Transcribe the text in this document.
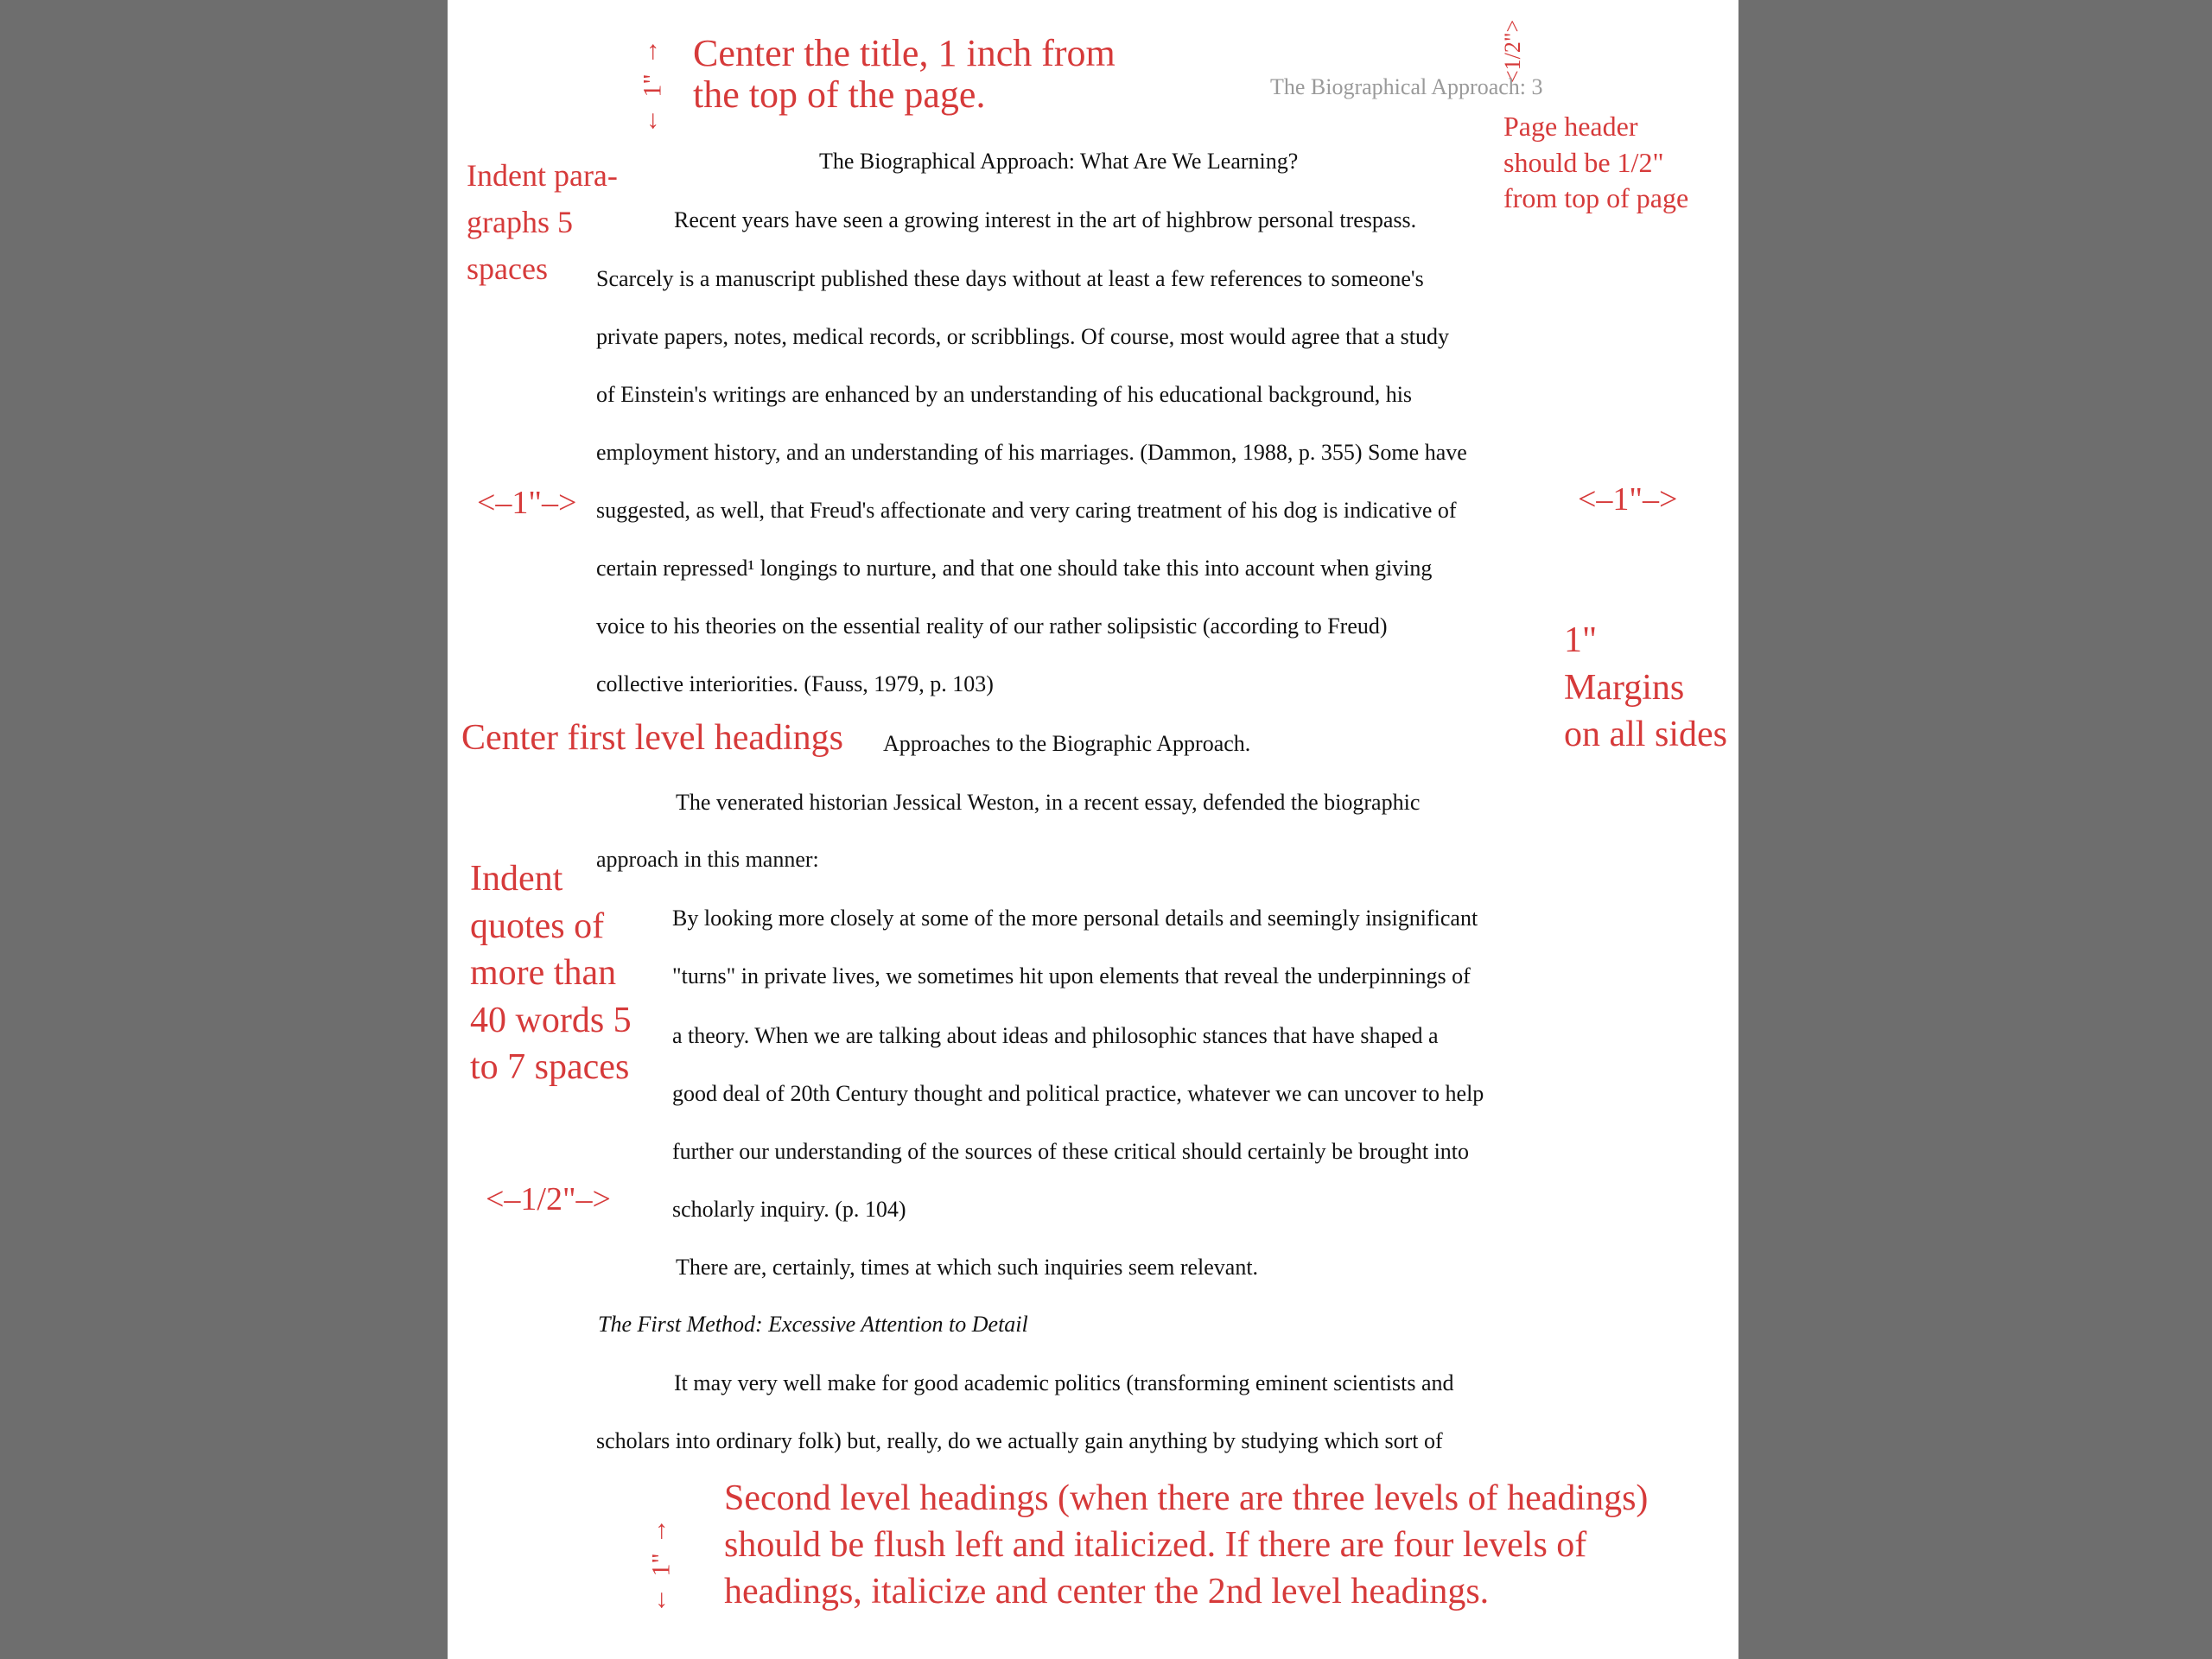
↑
1"
↓
Center the title, 1 inch from
the top of the page.
<1/2">
The Biographical Approach: 3
Page header
should be 1/2"
from top of page
Indent para-
graphs 5
spaces
The Biographical Approach: What Are We Learning?
Recent years have seen a growing interest in the art of highbrow personal trespass.
Scarcely is a manuscript published these days without at least a few references to someone's
private papers, notes, medical records, or scribblings. Of course, most would agree that a study
of Einstein's writings are enhanced by an understanding of his educational background, his
employment history, and an understanding of his marriages. (Dammon, 1988, p. 355) Some have
suggested, as well, that Freud's affectionate and very caring treatment of his dog is indicative of
certain repressed¹ longings to nurture, and that one should take this into account when giving
voice to his theories on the essential reality of our rather solipsistic (according to Freud)
collective interiorities. (Fauss, 1979, p. 103)
<–1"–>	<–1"–>
1"
Margins
on all sides
Center first level headings Approaches to the Biographic Approach.
The venerated historian Jessical Weston, in a recent essay, defended the biographic
approach in this manner:
Indent
quotes of
more than
40 words 5
to 7 spaces
By looking more closely at some of the more personal details and seemingly insignificant
"turns" in private lives, we sometimes hit upon elements that reveal the underpinnings of
a theory. When we are talking about ideas and philosophic stances that have shaped a
good deal of 20th Century thought and political practice, whatever we can uncover to help
further our understanding of the sources of these critical should certainly be brought into
scholarly inquiry. (p. 104)
<–1/2"–>
There are, certainly, times at which such inquiries seem relevant.
The First Method: Excessive Attention to Detail
It may very well make for good academic politics (transforming eminent scientists and
scholars into ordinary folk) but, really, do we actually gain anything by studying which sort of
↑
1"
↓
Second level headings (when there are three levels of headings)
should be flush left and italicized. If there are four levels of
headings, italicize and center the 2nd level headings.
